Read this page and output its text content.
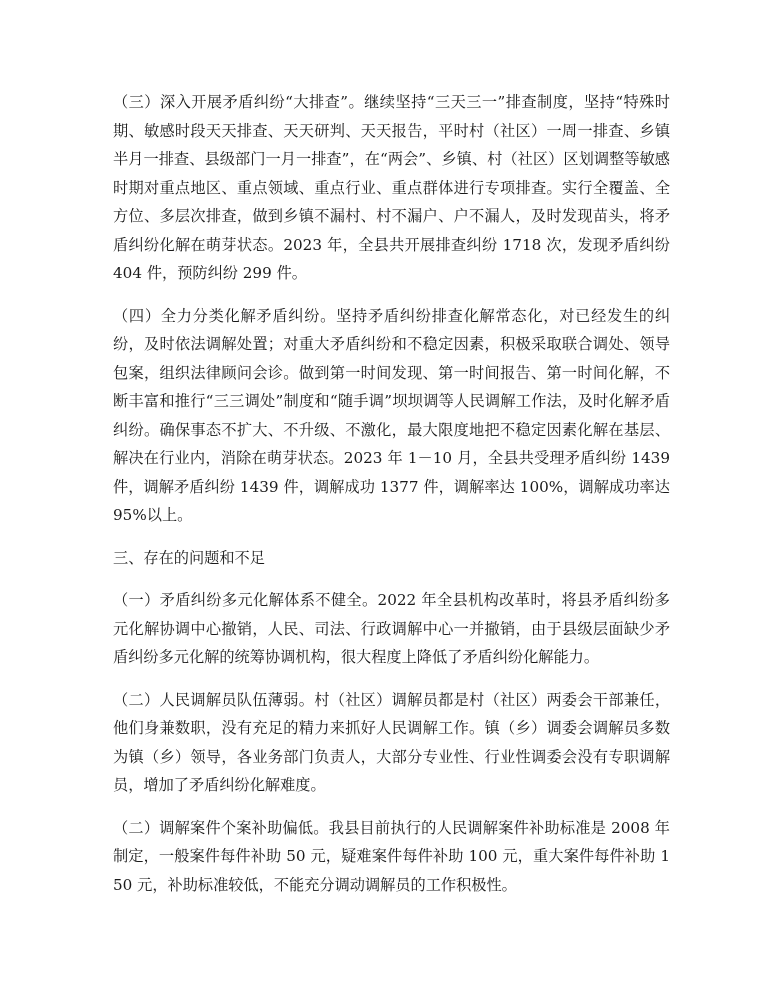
（三）深入开展矛盾纠纷“大排查”。继续坚持“三天三一”排查制度，坚持“特殊时期、敏感时段天天排查、天天研判、天天报告，平时村（社区）一周一排查、乡镇半月一排查、县级部门一月一排查”，在“两会”、乡镇、村（社区）区划调整等敏感时期对重点地区、重点领域、重点行业、重点群体进行专项排查。实行全覆盖、全方位、多层次排查，做到乡镇不漏村、村不漏户、户不漏人，及时发现苗头，将矛盾纠纷化解在萌芽状态。2023 年，全县共开展排查纠纷 1718 次，发现矛盾纠纷 404 件，预防纠纷 299 件。

（四）全力分类化解矛盾纠纷。坚持矛盾纠纷排查化解常态化，对已经发生的纠纷，及时依法调解处置；对重大矛盾纠纷和不稳定因素，积极采取联合调处、领导包案，组织法律顾问会诊。做到第一时间发现、第一时间报告、第一时间化解，不断丰富和推行“三三调处”制度和“随手调”坝坝调等人民调解工作法，及时化解矛盾纠纷。确保事态不扩大、不升级、不激化，最大限度地把不稳定因素化解在基层、解决在行业内，消除在萌芽状态。2023 年 1－10 月，全县共受理矛盾纠纷 1439 件，调解矛盾纠纷 1439 件，调解成功 1377 件，调解率达 100%，调解成功率达 95%以上。

三、存在的问题和不足

（一）矛盾纠纷多元化解体系不健全。2022 年全县机构改革时，将县矛盾纠纷多元化解协调中心撤销，人民、司法、行政调解中心一并撤销，由于县级层面缺少矛盾纠纷多元化解的统筹协调机构，很大程度上降低了矛盾纠纷化解能力。

（二）人民调解员队伍薄弱。村（社区）调解员都是村（社区）两委会干部兼任，他们身兼数职，没有充足的精力来抓好人民调解工作。镇（乡）调委会调解员多数为镇（乡）领导，各业务部门负责人，大部分专业性、行业性调委会没有专职调解员，增加了矛盾纠纷化解难度。

（二）调解案件个案补助偏低。我县目前执行的人民调解案件补助标准是 2008 年制定，一般案件每件补助 50 元，疑难案件每件补助 100 元，重大案件每件补助 150 元，补助标准较低，不能充分调动调解员的工作积极性。
